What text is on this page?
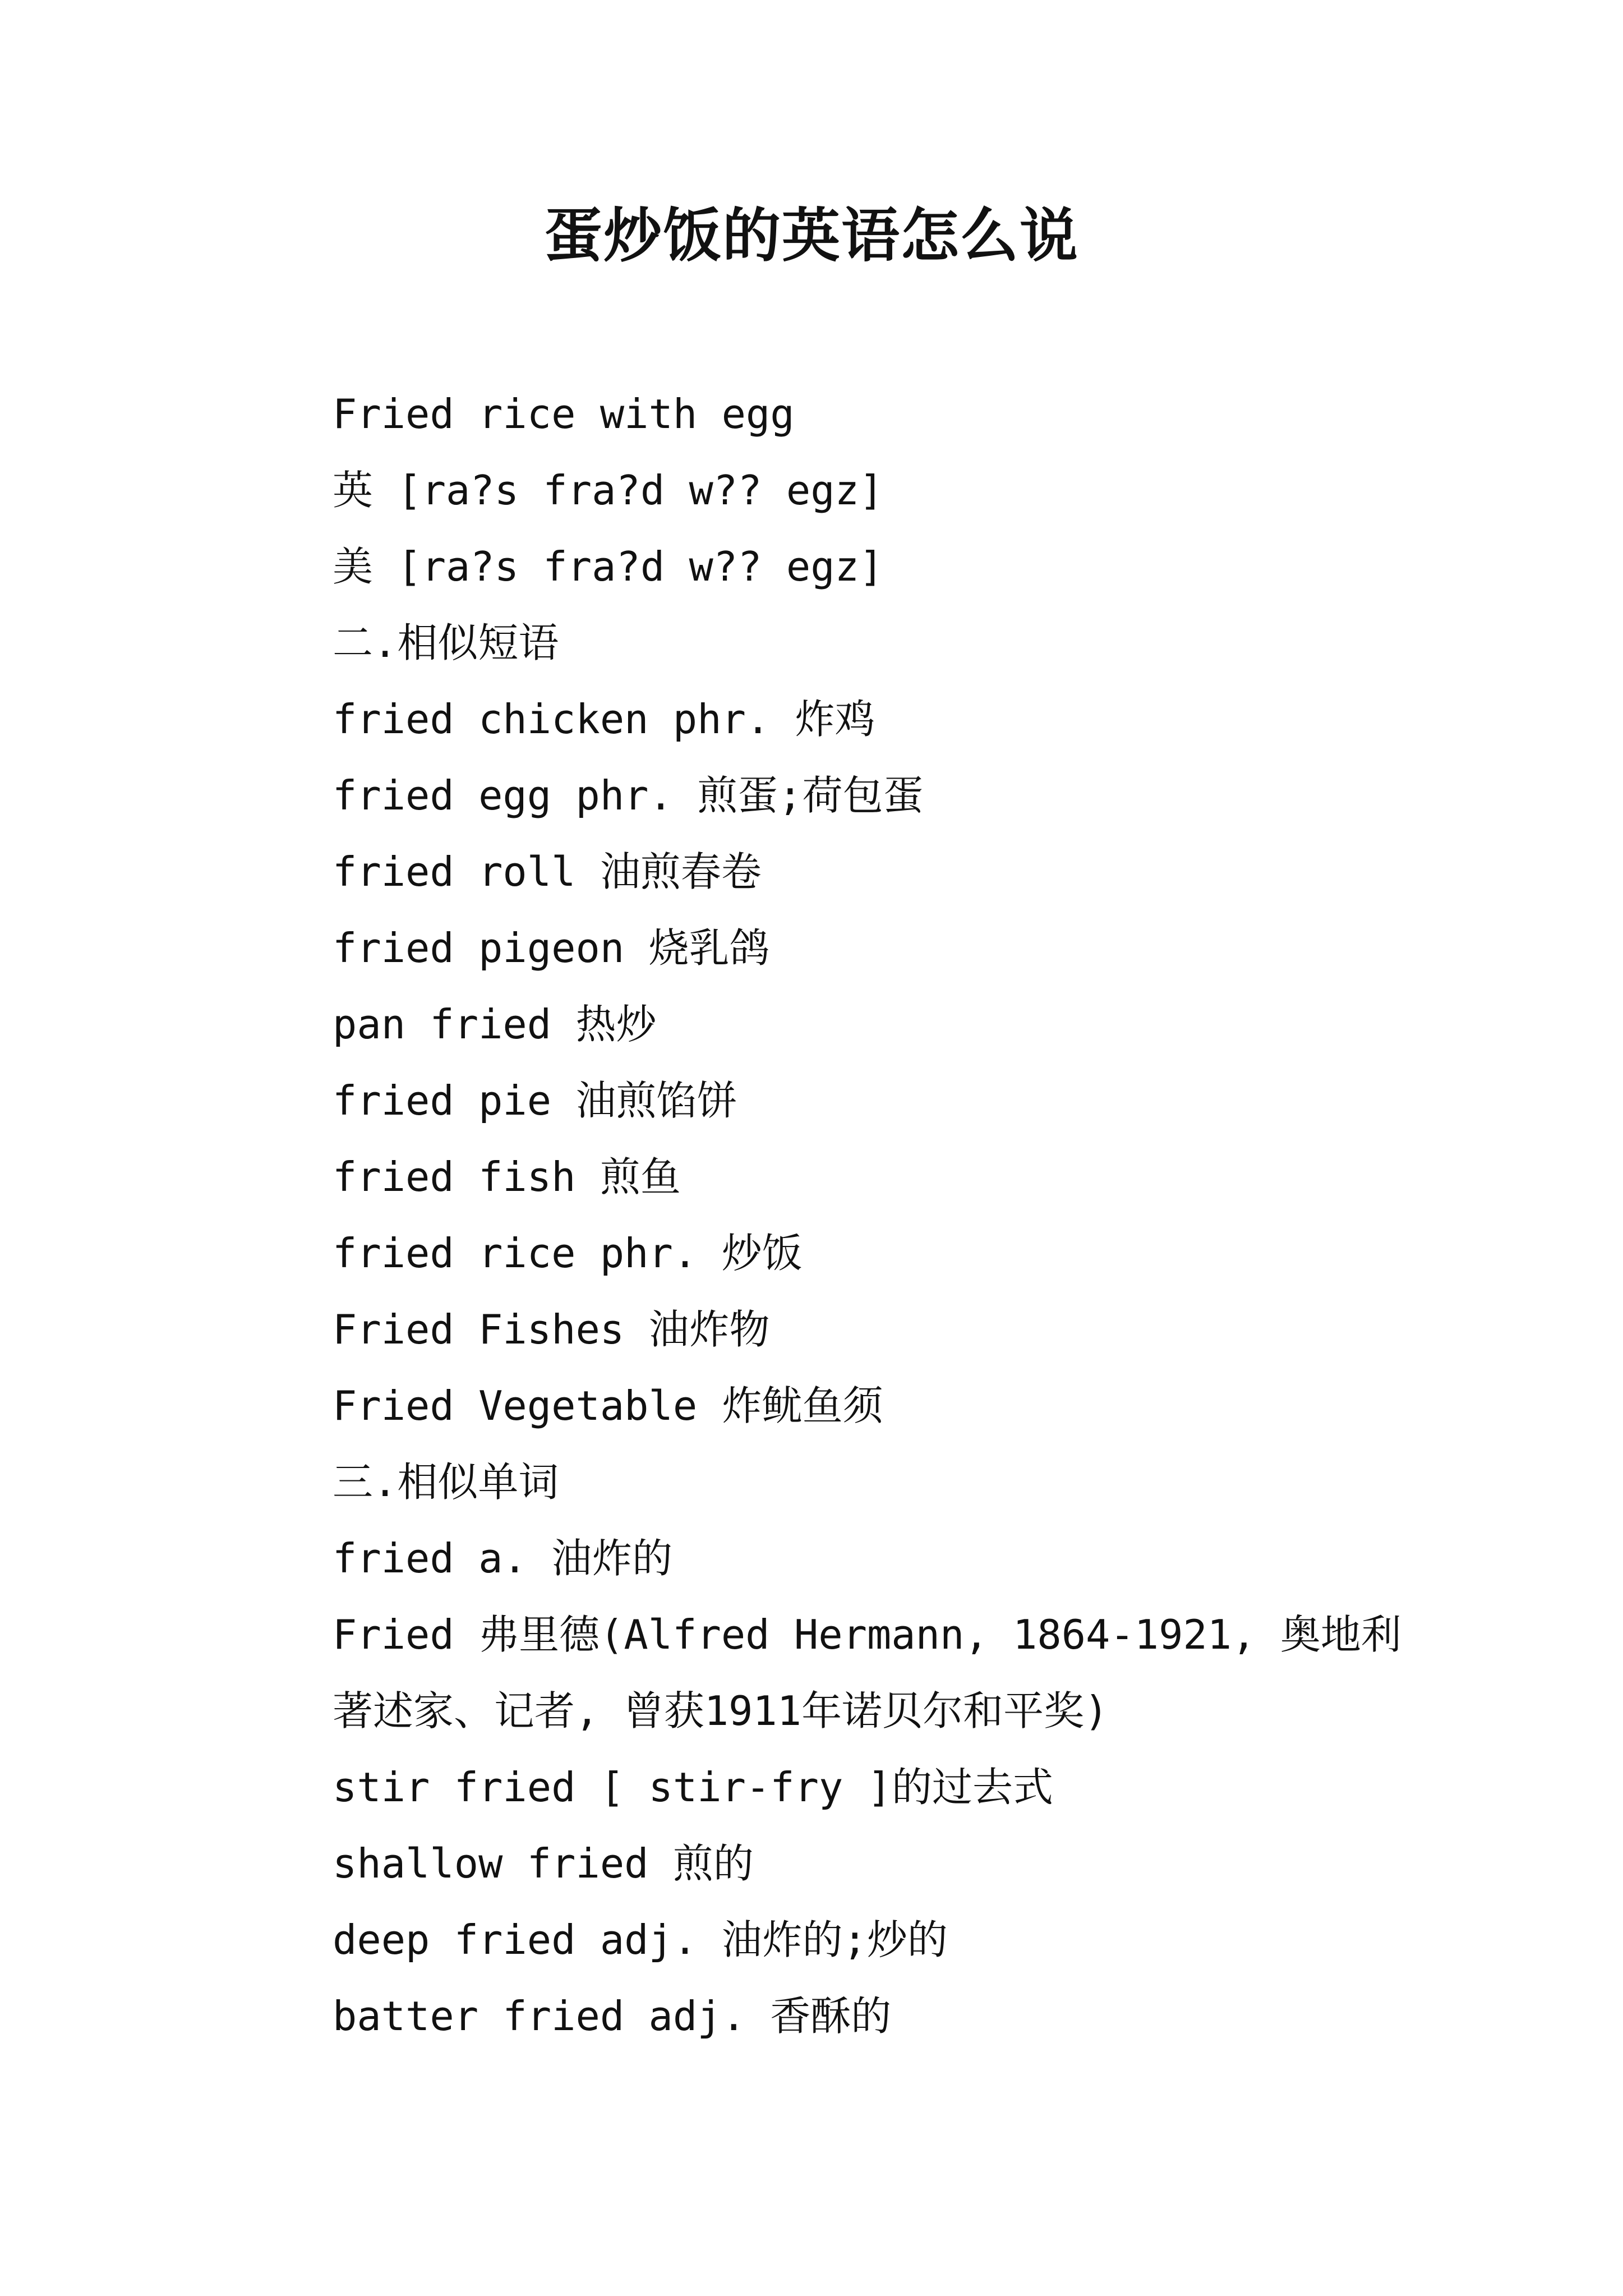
蛋炒饭的英语怎么说
Fried rice with egg
英 [ra?s fra?d w?? egz]
美 [ra?s fra?d w?? egz]
二.相似短语
fried chicken phr. 炸鸡
fried egg phr. 煎蛋;荷包蛋
fried roll 油煎春卷
fried pigeon 烧乳鸽
pan fried 热炒
fried pie 油煎馅饼
fried fish 煎鱼
fried rice phr. 炒饭
Fried Fishes 油炸物
Fried Vegetable 炸鱿鱼须
三.相似单词
fried a. 油炸的
Fried 弗里德(Alfred Hermann, 1864-1921, 奥地利著述家、记者, 曾获1911年诺贝尔和平奖)
stir fried [ stir-fry ]的过去式
shallow fried 煎的
deep fried adj. 油炸的;炒的
batter fried adj. 香酥的
